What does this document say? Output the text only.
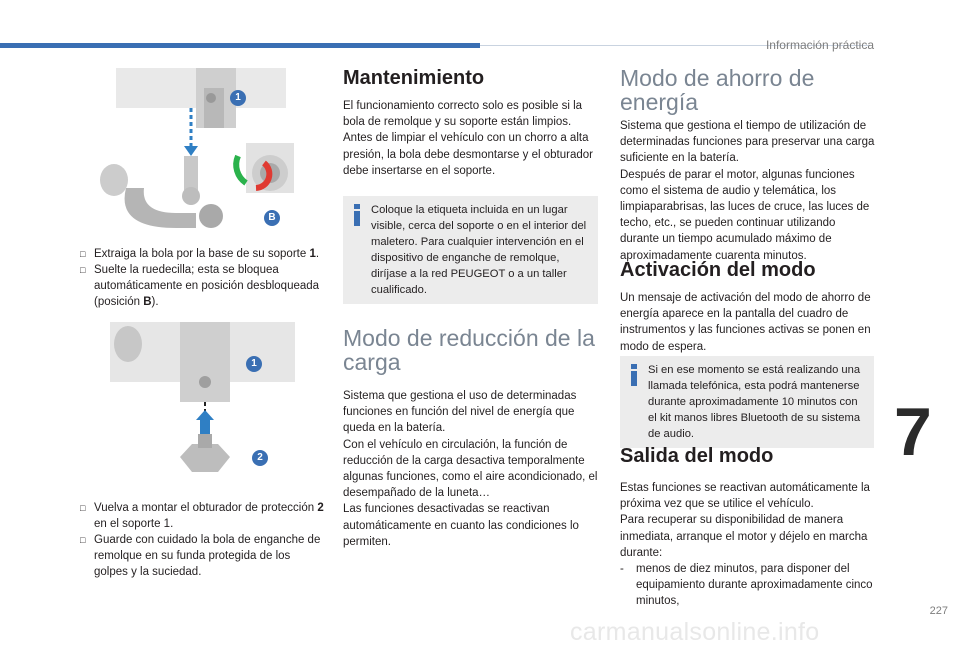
Información práctica
1
B

□ Extraiga la bola por la base de su soporte 1.

□ Suelte la ruedecilla; esta se bloquea automáticamente en posición desbloqueada (posición B).

1
2

□ Vuelva a montar el obturador de protección 2 en el soporte 1.

□ Guarde con cuidado la bola de enganche de remolque en su funda protegida de los golpes y la suciedad.

Mantenimiento

El funcionamiento correcto solo es posible si la bola de remolque y su soporte están limpios. Antes de limpiar el vehículo con un chorro a alta presión, la bola debe desmontarse y el obturador debe insertarse en el soporte.

Coloque la etiqueta incluida en un lugar visible, cerca del soporte o en el interior del maletero. Para cualquier intervención en el dispositivo de enganche de remolque, diríjase a la red PEUGEOT o a un taller cualificado.

Modo de reducción de la carga

Sistema que gestiona el uso de determinadas funciones en función del nivel de energía que queda en la batería.

Con el vehículo en circulación, la función de reducción de la carga desactiva temporalmente algunas funciones, como el aire acondicionado, el desempañado de la luneta…

Las funciones desactivadas se reactivan automáticamente en cuanto las condiciones lo permiten.

Modo de ahorro de energía

Sistema que gestiona el tiempo de utilización de determinadas funciones para preservar una carga suficiente en la batería.

Después de parar el motor, algunas funciones como el sistema de audio y telemática, los limpiaparabrisas, las luces de cruce, las luces de techo, etc., se pueden continuar utilizando durante un tiempo acumulado máximo de aproximadamente cuarenta minutos.

Activación del modo

Un mensaje de activación del modo de ahorro de energía aparece en la pantalla del cuadro de instrumentos y las funciones activas se ponen en modo de espera.

Si en ese momento se está realizando una llamada telefónica, esta podrá mantenerse durante aproximadamente 10 minutos con el kit manos libres Bluetooth de su sistema de audio.

Salida del modo

Estas funciones se reactivan automáticamente la próxima vez que se utilice el vehículo.

Para recuperar su disponibilidad de manera inmediata, arranque el motor y déjelo en marcha durante:

- menos de diez minutos, para disponer del equipamiento durante aproximadamente cinco minutos,

7
227
carmanualsonline.info
